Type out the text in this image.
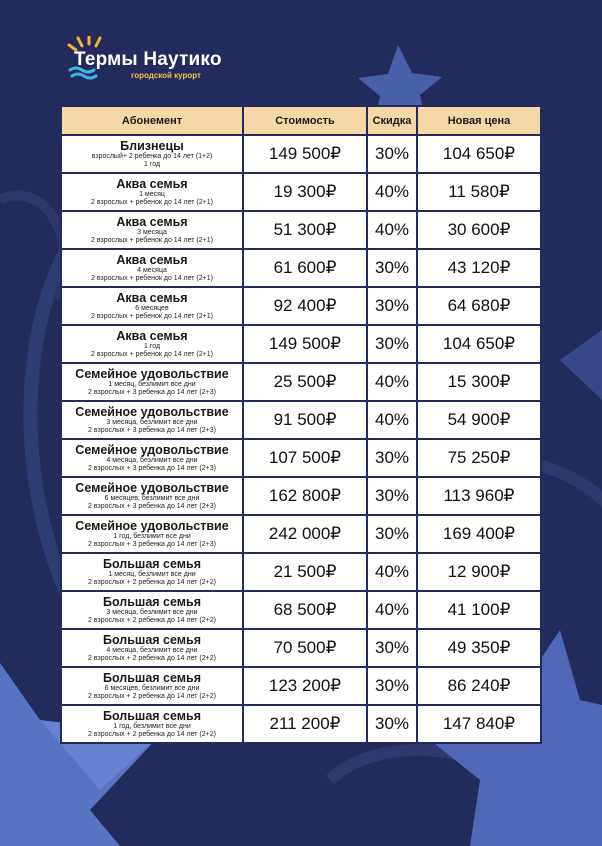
Термы Наутико
городской курорт
Абонемент	Стоимость	Скидка	Новая цена

Близнецы
взрослый+ 2 ребенка до 14 лет (1+2)
1 год	149 500₽	30%	104 650₽

Аква семья
1 месяц
2 взрослых + ребенок до 14 лет (2+1)	19 300₽	40%	11 580₽

Аква семья
3 месяца
2 взрослых + ребенок до 14 лет (2+1)	51 300₽	40%	30 600₽

Аква семья
4 месяца
2 взрослых + ребенок до 14 лет (2+1)	61 600₽	30%	43 120₽

Аква семья
6 месяцев
2 взрослых + ребенок до 14 лет (2+1)	92 400₽	30%	64 680₽

Аква семья
1 год
2 взрослых + ребенок до 14 лет (2+1)	149 500₽	30%	104 650₽

Семейное удовольствие
1 месяц, безлимит все дни
2 взрослых + 3 ребенка до 14 лет (2+3)	25 500₽	40%	15 300₽

Семейное удовольствие
3 месяца, безлимит все дни
2 взрослых + 3 ребенка до 14 лет (2+3)	91 500₽	40%	54 900₽

Семейное удовольствие
4 месяца, безлимит все дни
2 взрослых + 3 ребенка до 14 лет (2+3)	107 500₽	30%	75 250₽

Семейное удовольствие
6 месяцев, безлимит все дни
2 взрослых + 3 ребенка до 14 лет (2+3)	162 800₽	30%	113 960₽

Семейное удовольствие
1 год, безлимит все дни
2 взрослых + 3 ребенка до 14 лет (2+3)	242 000₽	30%	169 400₽

Большая семья
1 месяц, безлимит все дни
2 взрослых + 2 ребенка до 14 лет (2+2)	21 500₽	40%	12 900₽

Большая семья
3 месяца, безлимит все дни
2 взрослых + 2 ребенка до 14 лет (2+2)	68 500₽	40%	41 100₽

Большая семья
4 месяца, безлимит все дни
2 взрослых + 2 ребенка до 14 лет (2+2)	70 500₽	30%	49 350₽

Большая семья
6 месяцев, безлимит все дни
2 взрослых + 2 ребенка до 14 лет (2+2)	123 200₽	30%	86 240₽

Большая семья
1 год, безлимит все дни
2 взрослых + 2 ребенка до 14 лет (2+2)	211 200₽	30%	147 840₽
